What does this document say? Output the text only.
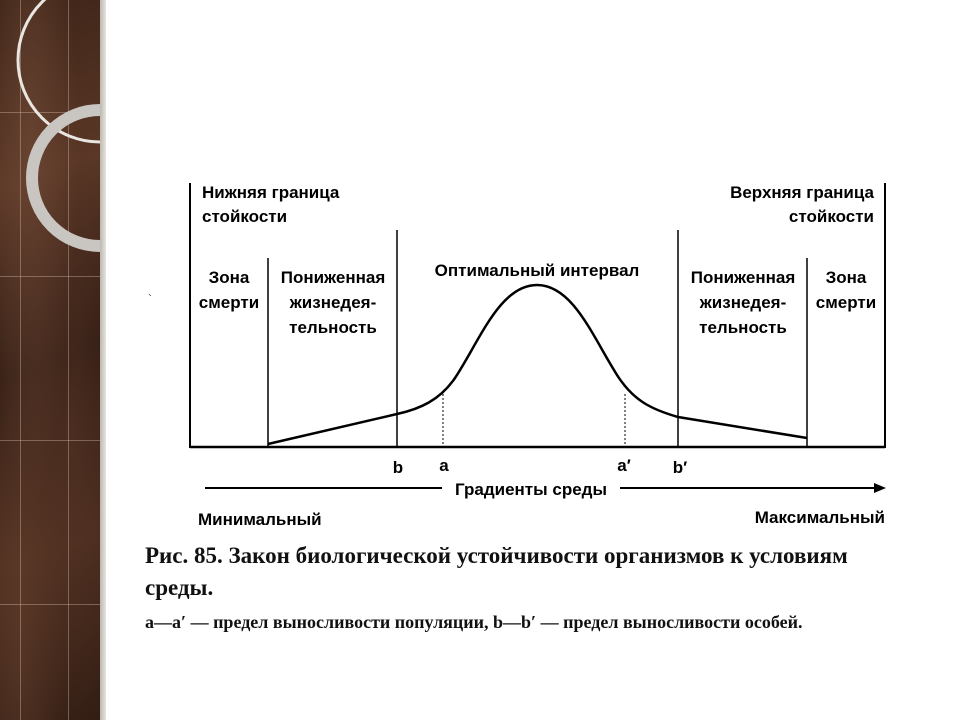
Нижняя граница
стойкости
Верхняя граница
стойкости
Зона
смерти
Пониженная
жизнедея-
тельность
Оптимальный интервал	Пониженная
жизнедея-
тельность
Зона
смерти
b a	a′ b′
Градиенты среды
Минимальный	Максимальный
`
Рис. 85. Закон биологической устойчивости организмов к условиям
среды.
a—a′ — предел выносливости популяции, b—b′ — предел выносливости особей.
